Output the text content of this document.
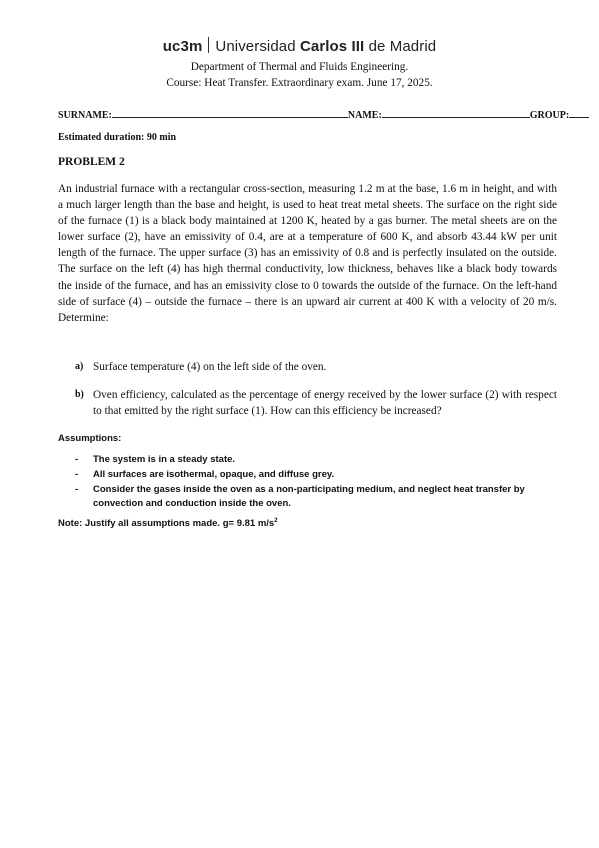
uc3m Universidad Carlos III de Madrid
Department of Thermal and Fluids Engineering.
Course: Heat Transfer. Extraordinary exam. June 17, 2025.
SURNAME:	NAME:	GROUP:
Estimated duration: 90 min
PROBLEM 2

An industrial furnace with a rectangular cross-section, measuring 1.2 m at the base, 1.6 m in height, and with a much larger length than the base and height, is used to heat treat metal sheets. The surface on the right side of the furnace (1) is a black body maintained at 1200 K, heated by a gas burner. The metal sheets are on the lower surface (2), have an emissivity of 0.4, are at a temperature of 600 K, and absorb 43.44 kW per unit length of the furnace. The upper surface (3) has an emissivity of 0.8 and is perfectly insulated on the outside. The surface on the left (4) has high thermal conductivity, low thickness, behaves like a black body towards the inside of the furnace, and has an emissivity close to 0 towards the outside of the furnace. On the left-hand side of surface (4) – outside the furnace – there is an upward air current at 400 K with a velocity of 20 m/s. Determine:

a) Surface temperature (4) on the left side of the oven.
b) Oven efficiency, calculated as the percentage of energy received by the lower surface (2) with respect to that emitted by the right surface (1). How can this efficiency be increased?
Assumptions:
- The system is in a steady state.
- All surfaces are isothermal, opaque, and diffuse grey.
- Consider the gases inside the oven as a non-participating medium, and neglect heat transfer by convection and conduction inside the oven.
Note: Justify all assumptions made. g= 9.81 $m/s^2$
